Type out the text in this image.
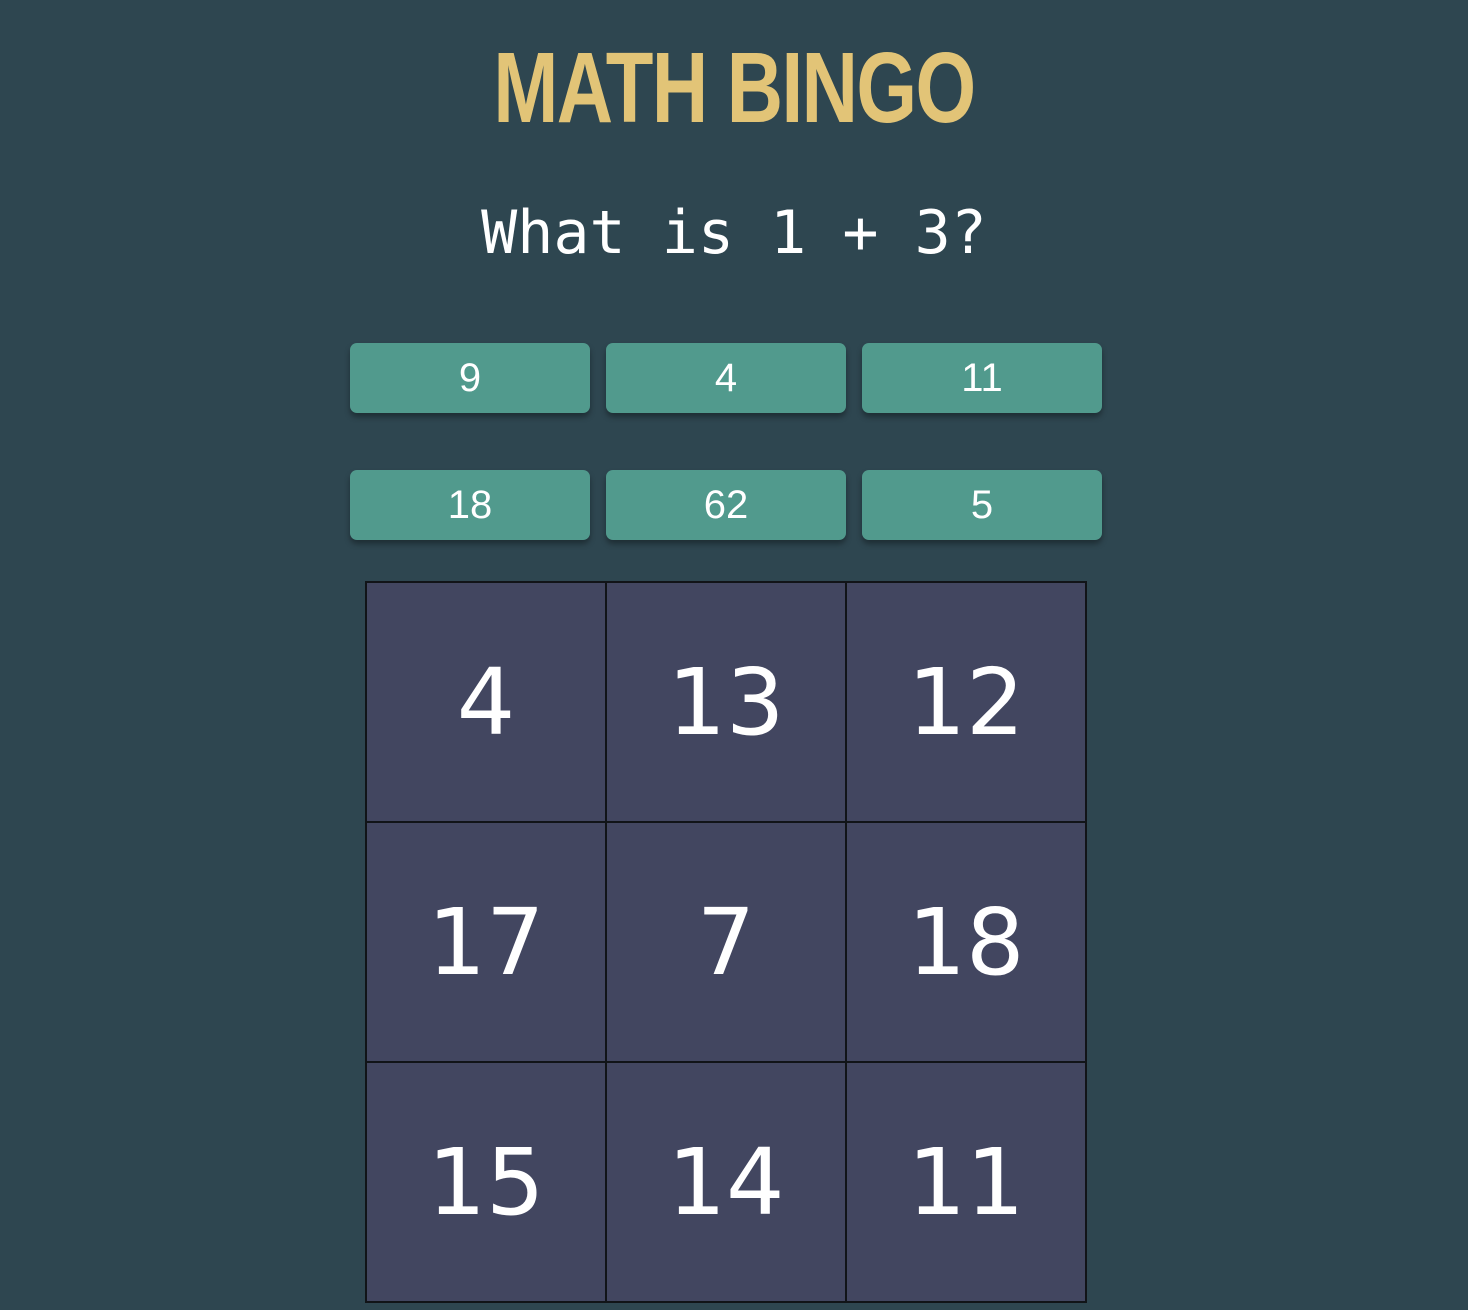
MATH BINGO
What is 1 + 3?
9	4	11
18	62	5
4	13	12
17	7	18
15	14	11
